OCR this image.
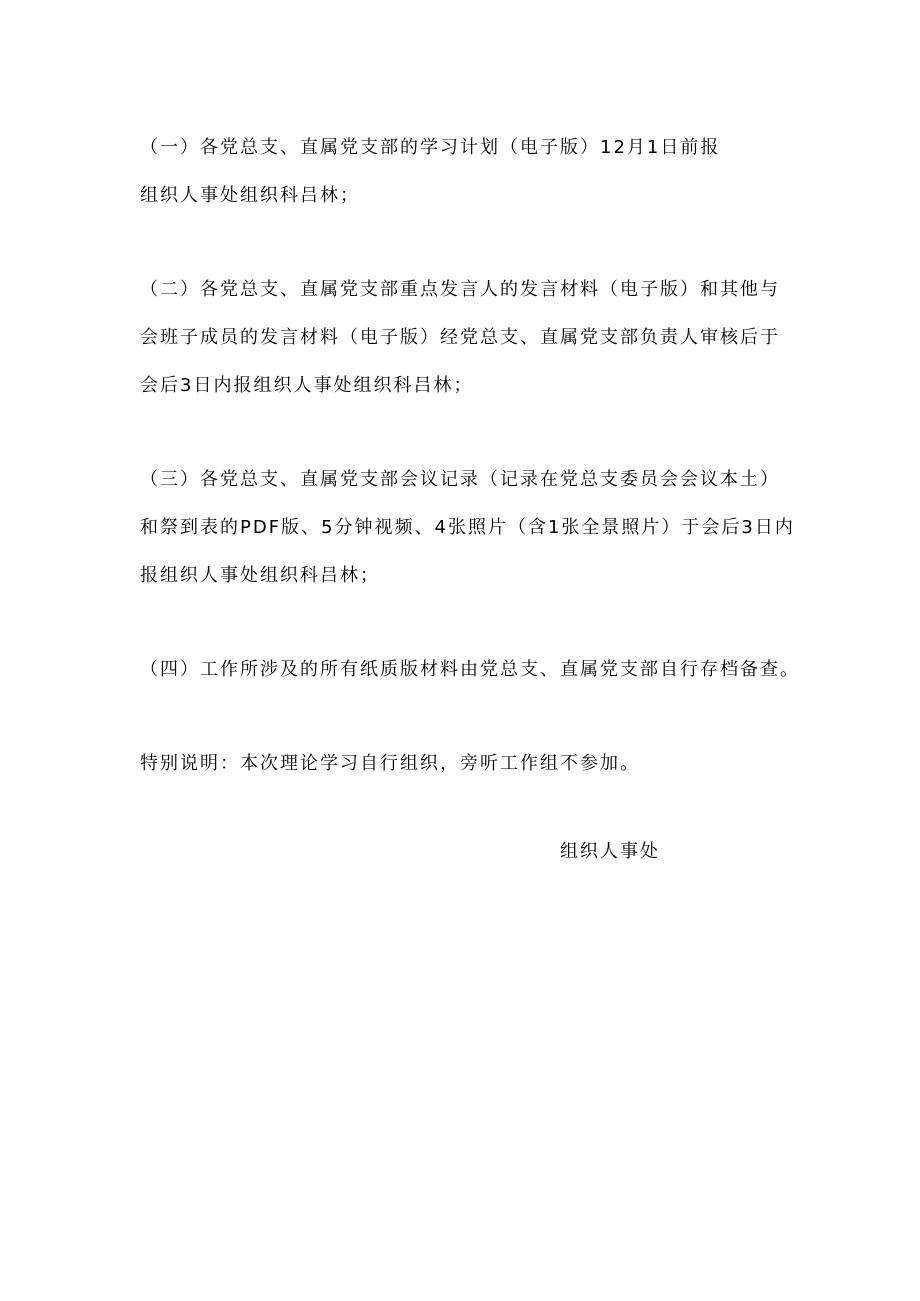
（一）各党总支、直属党支部的学习计划（电子版）12月1日前报
组织人事处组织科吕林；

（二）各党总支、直属党支部重点发言人的发言材料（电子版）和其他与
会班子成员的发言材料（电子版）经党总支、直属党支部负责人审核后于
会后3日内报组织人事处组织科吕林；

（三）各党总支、直属党支部会议记录（记录在党总支委员会会议本土）
和祭到表的PDF版、5分钟视频、4张照片（含1张全景照片）于会后3日内
报组织人事处组织科吕林；

（四）工作所涉及的所有纸质版材料由党总支、直属党支部自行存档备查。

特别说明：本次理论学习自行组织，旁听工作组不参加。

组织人事处
